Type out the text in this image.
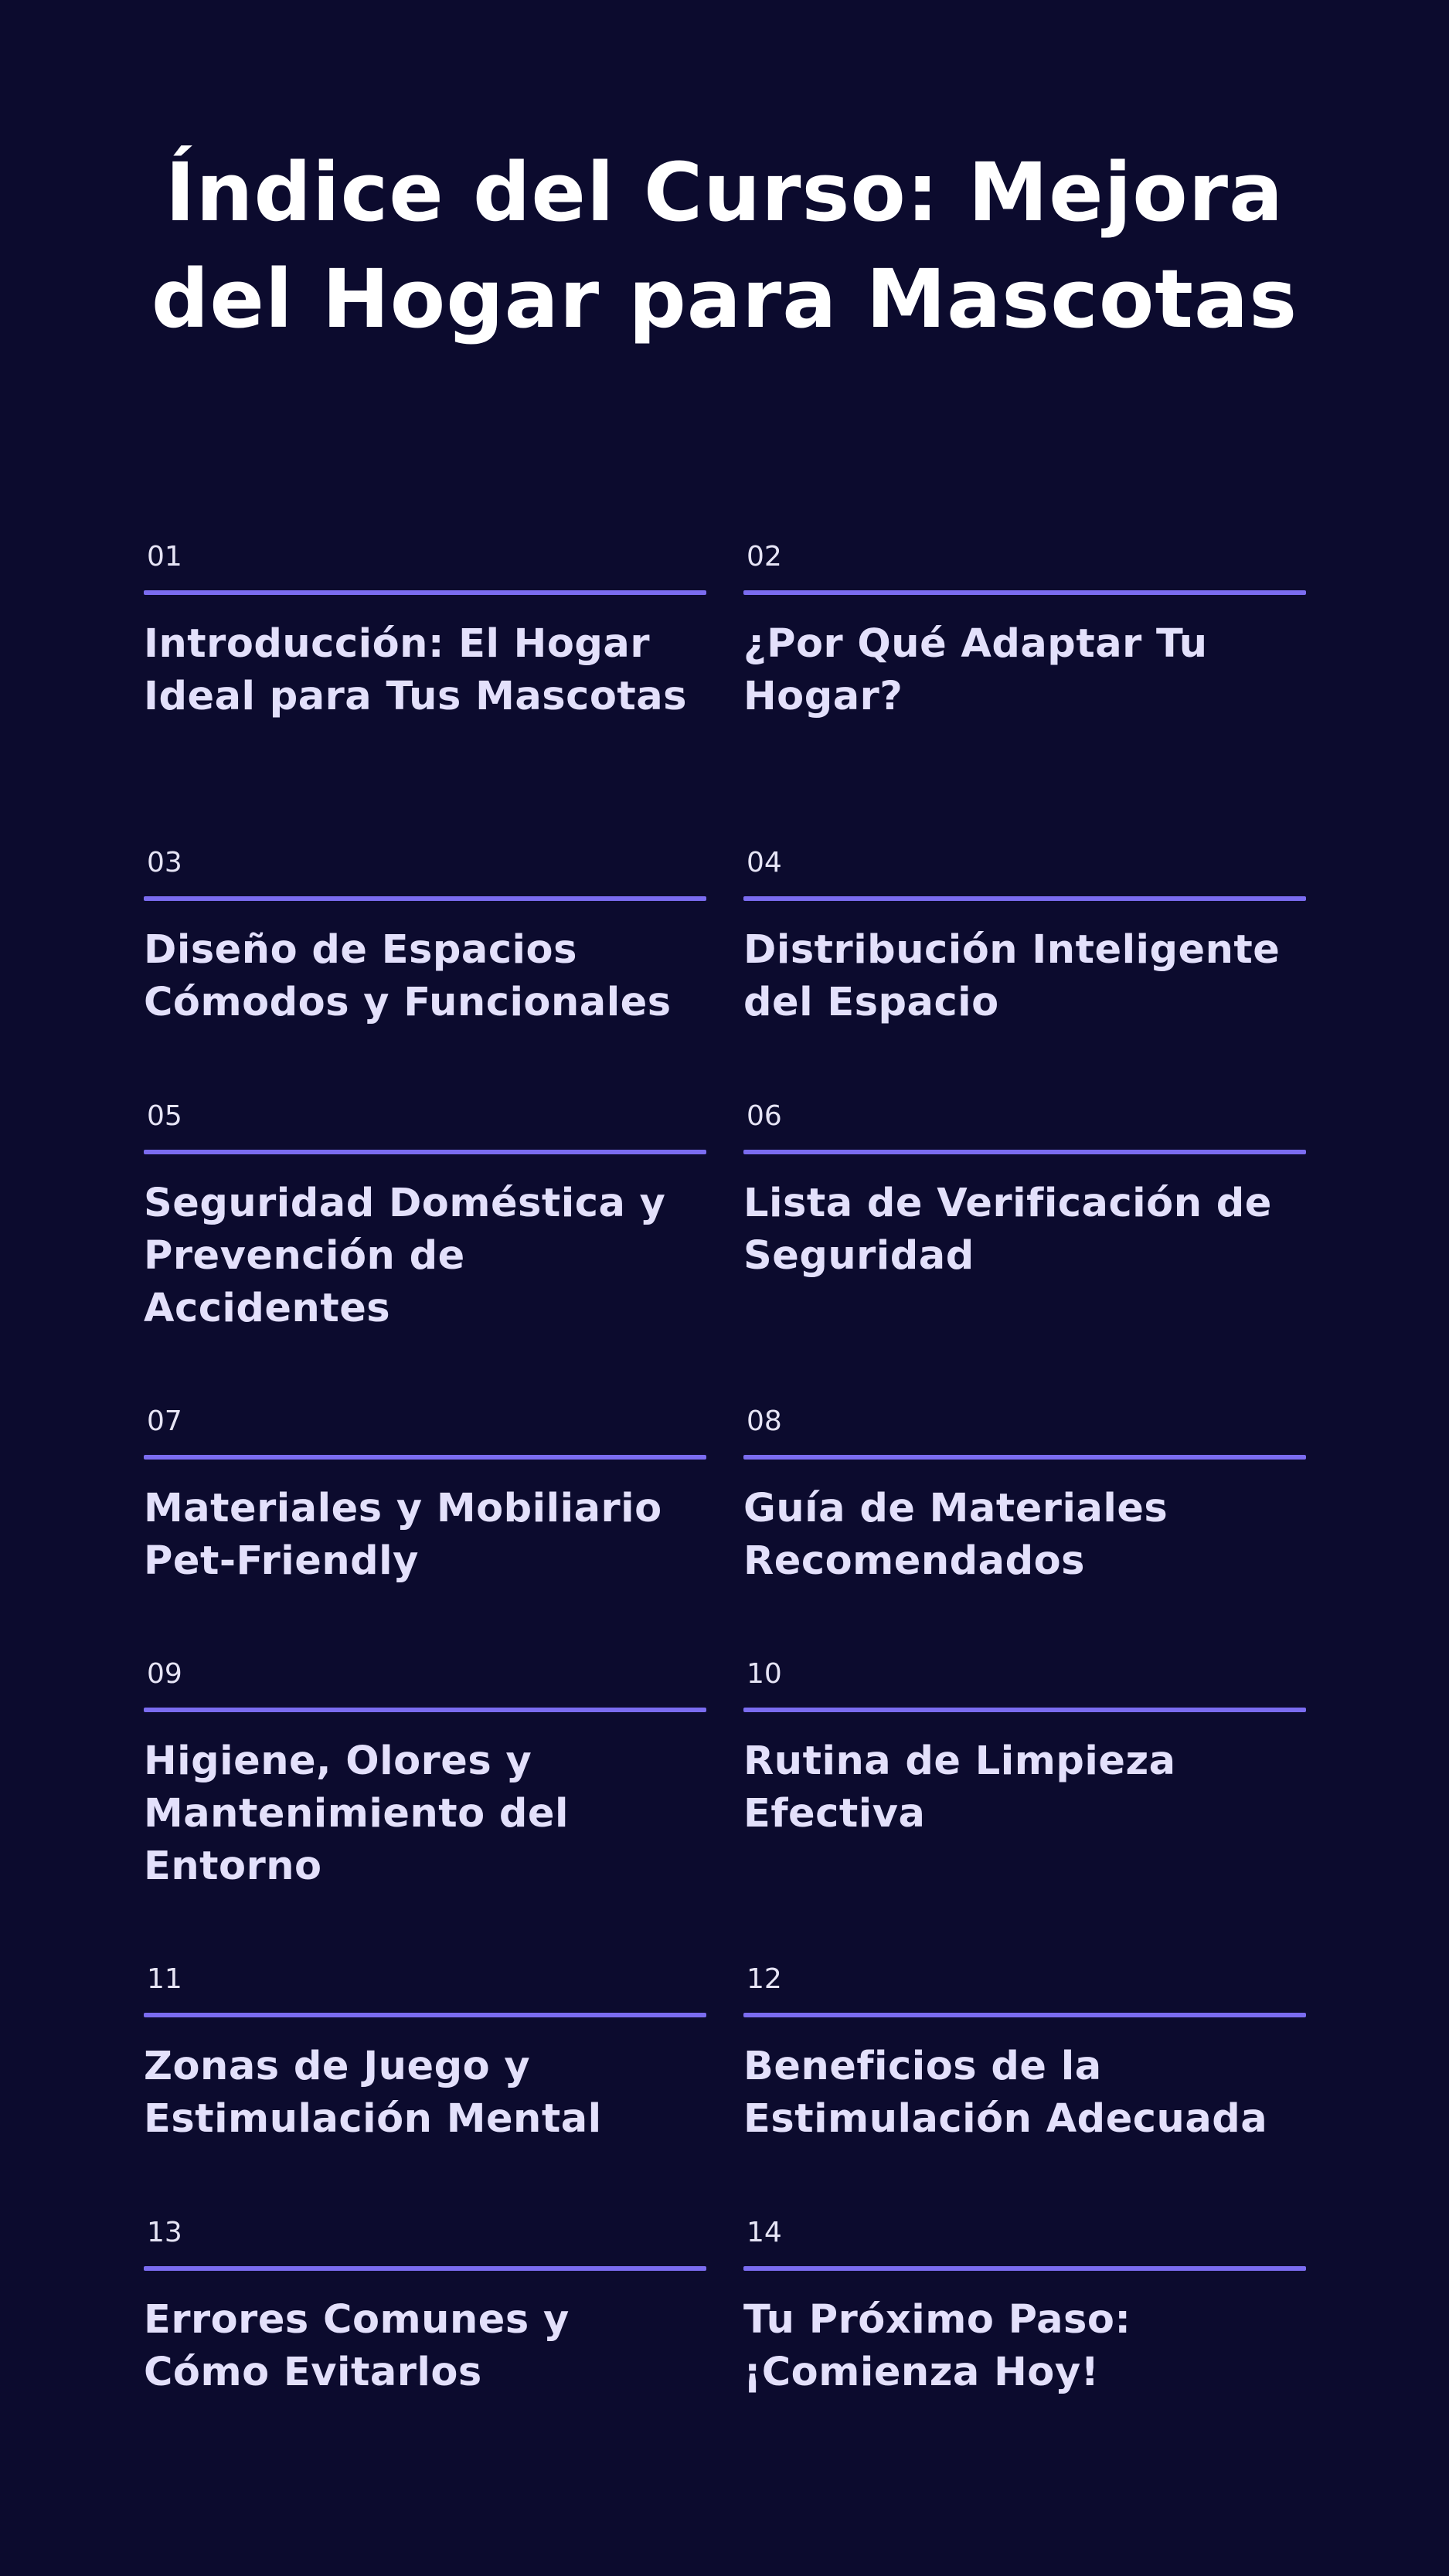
Índice del Curso: Mejora del Hogar para Mascotas
01
Introducción: El Hogar Ideal para Tus Mascotas
02
¿Por Qué Adaptar Tu Hogar?
03
Diseño de Espacios Cómodos y Funcionales
04
Distribución Inteligente del Espacio
05
Seguridad Doméstica y Prevención de Accidentes
06
Lista de Verificación de Seguridad
07
Materiales y Mobiliario Pet-Friendly
08
Guía de Materiales Recomendados
09
Higiene, Olores y Mantenimiento del Entorno
10
Rutina de Limpieza Efectiva
11
Zonas de Juego y Estimulación Mental
12
Beneficios de la Estimulación Adecuada
13
Errores Comunes y Cómo Evitarlos
14
Tu Próximo Paso: ¡Comienza Hoy!
